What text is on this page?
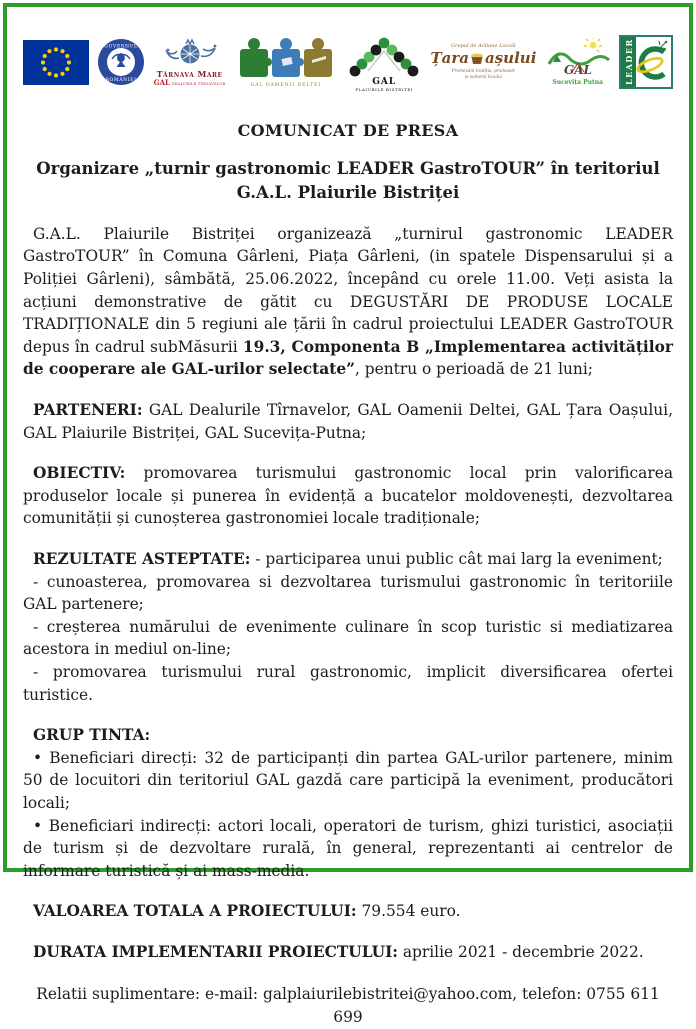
GUVERNUL
ROMÂNIEI
Târnava Mare
GAL DEALURILE TÎRNAVELOR	GAL OAMENII DELTEI	GAL
PLAIURILE BISTRITEI
Grupul de Acțiune Locală
Țara așului
Promovăm tradiția, produsele
și oamenii locului	GAL
Sucevița Putna	LEADER
COMUNICAT DE PRESA
Organizare „turnir gastronomic LEADER GastroTOUR” în teritoriul
G.A.L. Plaiurile Bistriței

G.A.L. Plaiurile Bistriței organizează „turnirul gastronomic LEADER GastroTOUR” în Comuna Gârleni, Piața Gârleni, (in spatele Dispensarului și a Poliției Gârleni), sâmbătă, 25.06.2022, începând cu orele 11.00. Veți asista la acțiuni demonstrative de gătit cu DEGUSTĂRI DE PRODUSE LOCALE TRADIȚIONALE din 5 regiuni ale țării în cadrul proiectului LEADER GastroTOUR depus în cadrul subMăsurii 19.3, Componenta B „Implementarea activităților de cooperare ale GAL-urilor selectate”, pentru o perioadă de 21 luni;

PARTENERI: GAL Dealurile Tîrnavelor, GAL Oamenii Deltei, GAL Țara Oașului, GAL Plaiurile Bistriței, GAL Sucevița-Putna;

OBIECTIV: promovarea turismului gastronomic local prin valorificarea produselor locale și punerea în evidență a bucatelor moldovenești, dezvoltarea comunității și cunoșterea gastronomiei locale tradiționale;

REZULTATE ASTEPTATE: - participarea unui public cât mai larg la eveniment;
- cunoasterea, promovarea si dezvoltarea turismului gastronomic în teritoriile GAL partenere;
- creșterea numărului de evenimente culinare în scop turistic si mediatizarea acestora in mediul on-line;
- promovarea turismului rural gastronomic, implicit diversificarea ofertei turistice.
GRUP TINTA:
• Beneficiari direcți: 32 de participanți din partea GAL-urilor partenere, minim 50 de locuitori din teritoriul GAL gazdă care participă la eveniment, producători locali;
• Beneficiari indirecți: actori locali, operatori de turism, ghizi turistici, asociații de turism și de dezvoltare rurală, în general, reprezentanti ai centrelor de informare turistică și ai mass-media.

VALOAREA TOTALA A PROIECTULUI: 79.554 euro.

DURATA IMPLEMENTARII PROIECTULUI: aprilie 2021 - decembrie 2022.

Relatii suplimentare: e-mail: galplaiurilebistritei@yahoo.com, telefon: 0755 611 699
